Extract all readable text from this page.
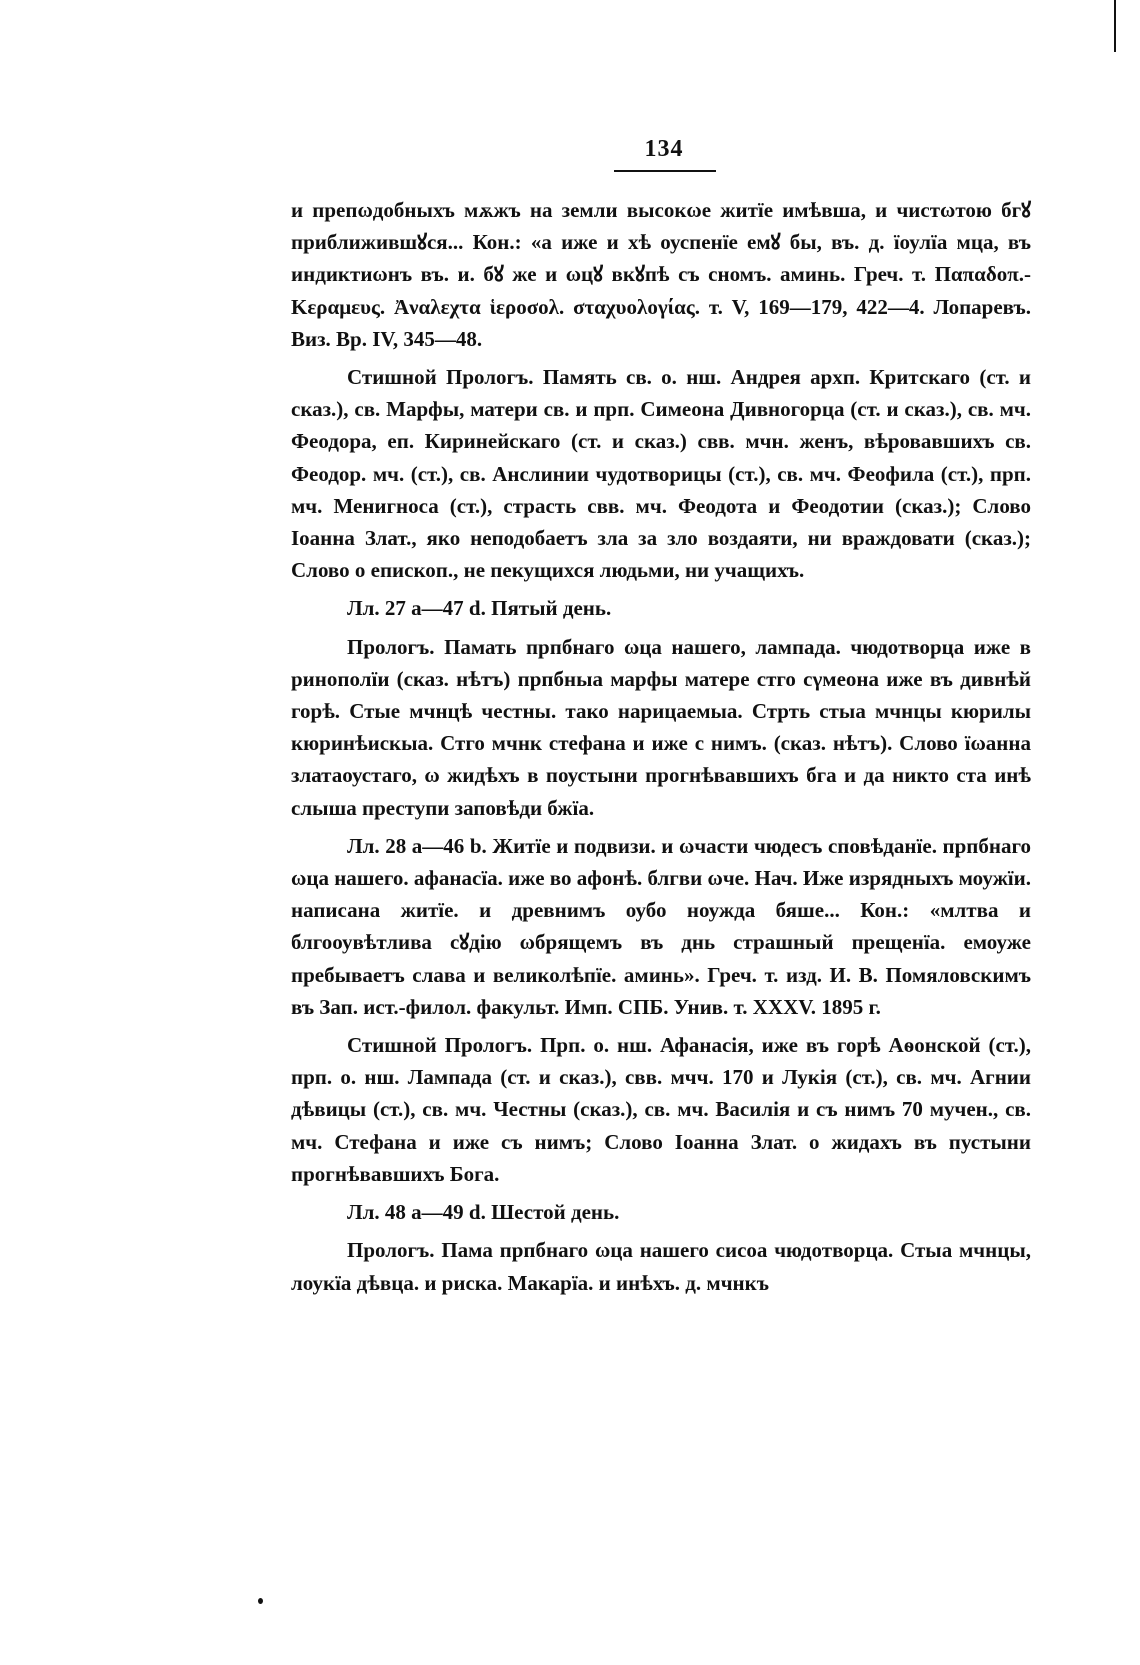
134

и препωдобныхъ мѫжъ на земли высокωе житїе имѣвша, и чистωтою бгꙋ приближившꙋся... Кон.: «а иже и хѣ оуспенїе емꙋ бы, въ. д. їоулїа мца, въ индиктиωнъ въ. и. бꙋ же и ωцꙋ вкꙋпѣ съ сномъ. аминь. Греч. т. Παπαδοπ.-Κεραμευς. Ἀναλεχτα ἱεροσολ. σταχυολογίας. т. V, 169—179, 422—4. Лопаревъ. Виз. Вр. IV, 345—48.

Стишной Прологъ. Память св. о. нш. Андрея архп. Критскаго (ст. и сказ.), св. Марфы, матери св. и прп. Симеона Дивногорца (ст. и сказ.), св. мч. Феодора, еп. Киринейскаго (ст. и сказ.) свв. мчн. женъ, вѣровавшихъ св. Феодор. мч. (ст.), св. Анслинии чудотворицы (ст.), св. мч. Феофила (ст.), прп. мч. Менигноса (ст.), страсть свв. мч. Феодота и Феодотии (сказ.); Слово Іоанна Злат., яко неподобаетъ зла за зло воздаяти, ни враждовати (сказ.); Слово о епископ., не пекущихся людьми, ни учащихъ.

Лл. 27 а—47 d. Пятый день.

Прологъ. Памать прпбнаго ωца нашего, лампада. чюдотворца иже в ринополїи (сказ. нѣтъ) прпбныа марфы матере стго сγмеона иже въ дивнѣй горѣ. Стые мчнцѣ честны. тако нарицаемыа. Стрть стыа мчнцы кюрилы кюринѣискыа. Стго мчнк стефана и иже с нимъ. (сказ. нѣтъ). Слово їωанна златаоустаго, ω жидѣхъ в поустыни прогнѣвавшихъ бга и да никто ста инѣ слыша преступи заповѣди бжїа.

Лл. 28 а—46 b. Житїе и подвизи. и ωчасти чюдесъ сповѣданїе. прпбнаго ωца нашего. афанасїа. иже во афонѣ. блгви ωче. Нач. Иже изрядныхъ моужїи. написана житїе. и древнимъ оубо ноужда бяше... Кон.: «млтва и блгооувѣтлива сꙋдію ωбрящемъ въ днь страшный прещенїа. емоуже пребываетъ слава и великолѣпїе. аминь». Греч. т. изд. И. В. Помяловскимъ въ Зап. ист.-филол. факульт. Имп. СПБ. Унив. т. XXXV. 1895 г.

Стишной Прологъ. Прп. о. нш. Афанасія, иже въ горѣ Аѳонской (ст.), прп. о. нш. Лампада (ст. и сказ.), свв. мчч. 170 и Лукія (ст.), св. мч. Агнии дѣвицы (ст.), св. мч. Честны (сказ.), св. мч. Василія и съ нимъ 70 мучен., св. мч. Стефана и иже съ нимъ; Слово Іоанна Злат. о жидахъ въ пустыни прогнѣвавшихъ Бога.

Лл. 48 а—49 d. Шестой день.

Прологъ. Пама прпбнаго ωца нашего сисоа чюдотворца. Стыа мчнцы, лоукїа дѣвца. и риска. Макарїа. и инѣхъ. д. мчнкъ
